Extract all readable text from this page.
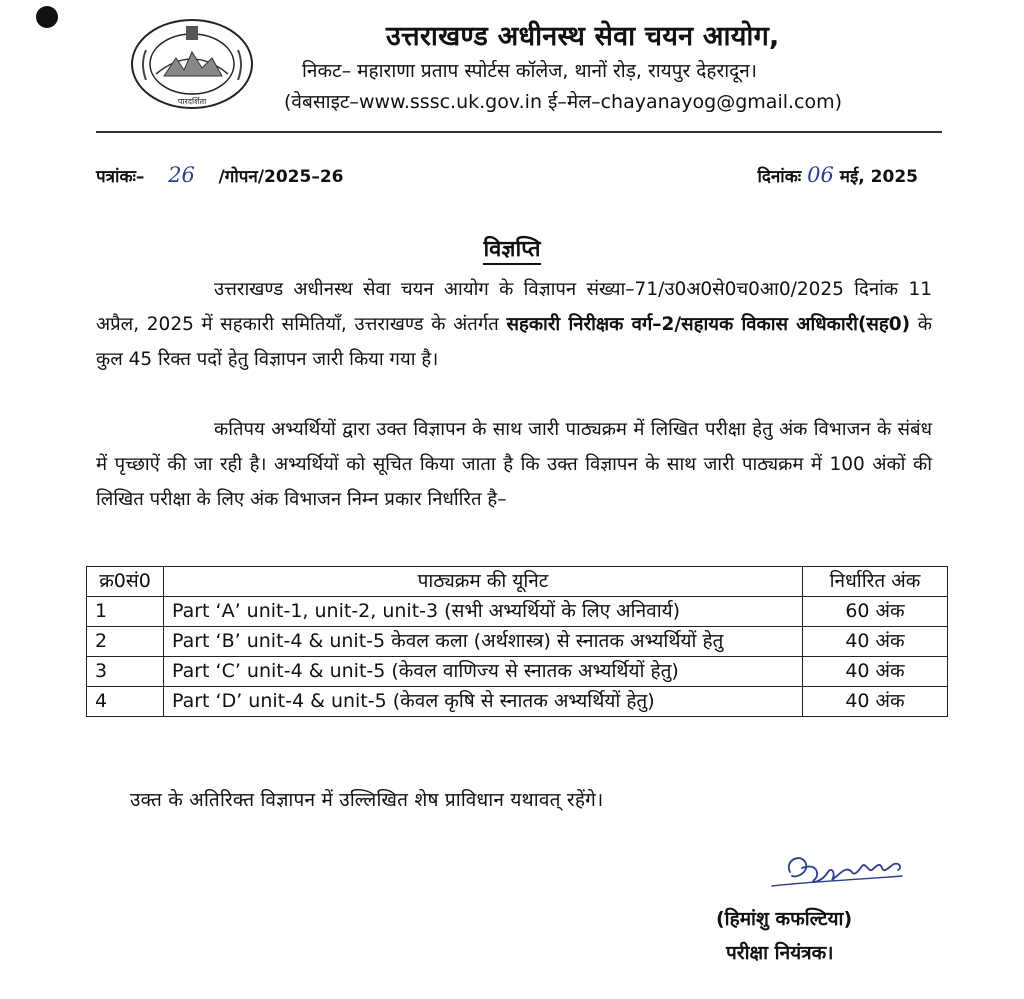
पारदर्शिता
उत्तराखण्ड अधीनस्थ सेवा चयन आयोग,
निकट– महाराणा प्रताप स्पोर्टस कॉलेज, थानों रोड़, रायपुर देहरादून।
(वेबसाइट–www.sssc.uk.gov.in ई–मेल–chayanayog@gmail.com)
पत्रांकः– 26 /गोपन/2025–26	दिनांकः 06 मई, 2025
विज्ञप्ति
उत्तराखण्ड अधीनस्थ सेवा चयन आयोग के विज्ञापन संख्या–71/उ0अ0से0च0आ0/2025 दिनांक 11 अप्रैल, 2025 में सहकारी समितियाँ, उत्तराखण्ड के अंतर्गत सहकारी निरीक्षक वर्ग–2/सहायक विकास अधिकारी(सह0) के कुल 45 रिक्त पदों हेतु विज्ञापन जारी किया गया है।
कतिपय अभ्यर्थियों द्वारा उक्त विज्ञापन के साथ जारी पाठ्यक्रम में लिखित परीक्षा हेतु अंक विभाजन के संबंध में पृच्छाऐं की जा रही है। अभ्यर्थियों को सूचित किया जाता है कि उक्त विज्ञापन के साथ जारी पाठ्यक्रम में 100 अंकों की लिखित परीक्षा के लिए अंक विभाजन निम्न प्रकार निर्धारित है–
क्र0सं0	पाठ्यक्रम की यूनिट	निर्धारित अंक
1	Part ‘A’ unit-1, unit-2, unit-3 (सभी अभ्यर्थियों के लिए अनिवार्य)	60 अंक
2	Part ‘B’ unit-4 & unit-5 केवल कला (अर्थशास्त्र) से स्नातक अभ्यर्थियों हेतु	40 अंक
3	Part ‘C’ unit-4 & unit-5 (केवल वाणिज्य से स्नातक अभ्यर्थियों हेतु)	40 अंक
4	Part ‘D’ unit-4 & unit-5 (केवल कृषि से स्नातक अभ्यर्थियों हेतु)	40 अंक
उक्त के अतिरिक्त विज्ञापन में उल्लिखित शेष प्राविधान यथावत् रहेंगे।
(हिमांशु कफल्टिया)
परीक्षा नियंत्रक।
